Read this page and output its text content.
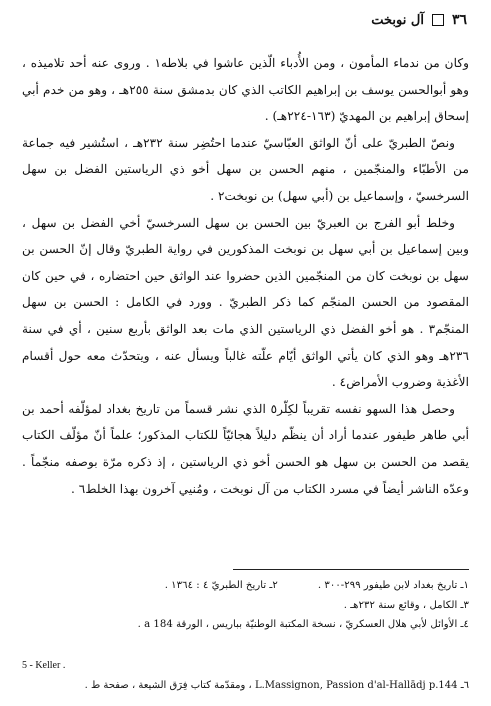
٣٦
آل نوبخت

وكان من ندماء المأمون ، ومن الأُدباء الّذين عاشوا في بلاطه١ . وروى عنه أحد تلاميذه ، وهو أبوالحسن يوسف بن إبراهيم الكاتب الذي كان بدمشق سنة ٢٥٥هـ ، وهو من خدم أبي إسحاق إبراهيم بن المهديّ (١٦٣-٢٢٤هـ) .

ونصّ الطبريّ على أنّ الواثق العبّاسيّ عندما احتُضِر سنة ٢٣٢هـ ، استُشير فيه جماعة من الأطبّاء والمنجّمين ، منهم الحسن بن سهل أخو ذي الرياستين الفضل بن سهل السرخسيّ ، وإسماعيل بن (أبي سهل) بن نوبخت٢ .

وخلط أبو الفرج بن العبريّ بين الحسن بن سهل السرخسيّ أخي الفضل بن سهل ، وبين إسماعيل بن أبي سهل بن نوبخت المذكورين في رواية الطبريّ وقال إنّ الحسن بن سهل بن نوبخت كان من المنجّمين الذين حضروا عند الواثق حين احتضاره ، في حين كان المقصود من الحسن المنجّم كما ذكر الطبريّ . وورد في الكامل : الحسن بن سهل المنجّم٣ . هو أخو الفضل ذي الرياستين الذي مات بعد الواثق بأربع سنين ، أي في سنة ٢٣٦هـ وهو الذي كان يأتي الواثق أيّام علّته غالباً ويسأل عنه ، ويتحدّث معه حول أقسام الأغذية وضروب الأمراض٤ .

وحصل هذا السهو نفسه تقريباً لكِلّر٥ الذي نشر قسماً من تاريخ بغداد لمؤلّفه أحمد بن أبي طاهر طيفور عندما أراد أن ينظّم دليلاً هجائيّاً للكتاب المذكور؛ علماً أنّ مؤلّف الكتاب يقصد من الحسن بن سهل هو الحسن أخو ذي الرياستين ، إذ ذكره مرّة بوصفه منجّماً . وعدّه الناشر أيضاً في مسرد الكتاب من آل نوبخت ، ومُنيي آخرون بهذا الخلط٦ .

١ـ تاريخ بغداد لابن طيفور ٢٩٩-٣٠٠ .
٢ـ تاريخ الطبريّ ٤ : ١٣٦٤ .
٣ـ الكامل ، وقائع سنة ٢٣٢هـ .
٤ـ الأوائل لأبي هلال العسكريّ ، نسخة المكتبة الوطنيّة بباريس ، الورقة 184 a .
5 - Keller .
٦ـ L.Massignon, Passion d'al-Hallādj p.144 ، ومقدّمة كتاب فِرَق الشيعة ، صفحة ط .
